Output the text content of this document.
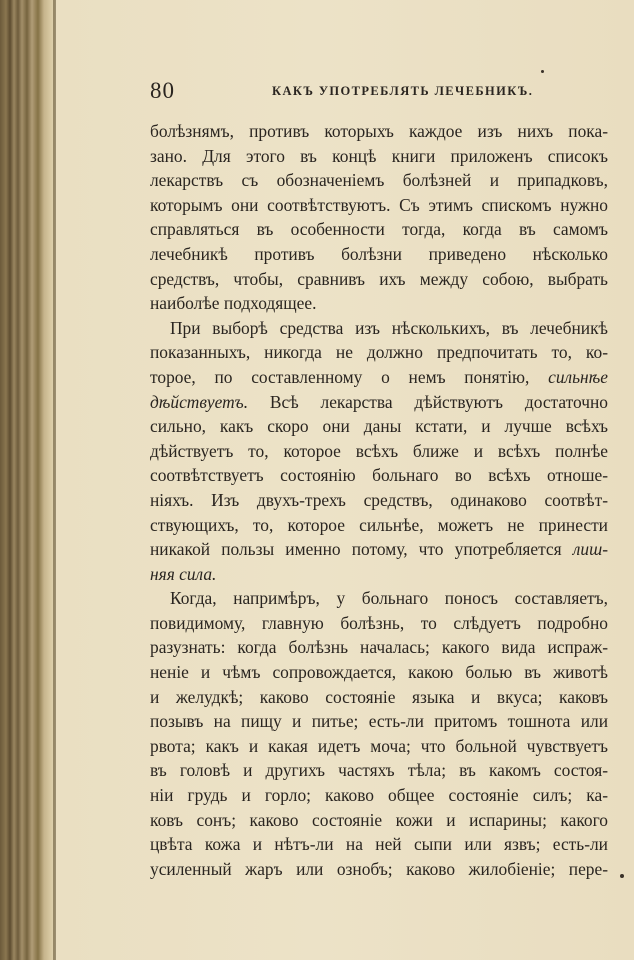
80	КАКЪ УПОТРЕБЛЯТЬ ЛЕЧЕБНИКЪ.
болѣзнямъ, противъ которыхъ каждое изъ нихъ пока-
зано. Для этого въ концѣ книги приложенъ списокъ
лекарствъ съ обозначеніемъ болѣзней и припадковъ,
которымъ они соотвѣтствуютъ. Съ этимъ спискомъ нужно
справляться въ особенности тогда, когда въ самомъ
лечебникѣ противъ болѣзни приведено нѣсколько
средствъ, чтобы, сравнивъ ихъ между собою, выбрать
наиболѣе подходящее.
При выборѣ средства изъ нѣсколькихъ, въ лечебникѣ
показанныхъ, никогда не должно предпочитать то, ко-
торое, по составленному о немъ понятію, сильнѣе
дѣйствуетъ. Всѣ лекарства дѣйствуютъ достаточно
сильно, какъ скоро они даны кстати, и лучше всѣхъ
дѣйствуетъ то, которое всѣхъ ближе и всѣхъ полнѣе
соотвѣтствуетъ состоянію больнаго во всѣхъ отноше-
ніяхъ. Изъ двухъ-трехъ средствъ, одинаково соотвѣт-
ствующихъ, то, которое сильнѣе, можетъ не принести
никакой пользы именно потому, что употребляется лиш-
няя сила.
Когда, напримѣръ, у больнаго поносъ составляетъ,
повидимому, главную болѣзнь, то слѣдуетъ подробно
разузнать: когда болѣзнь началась; какого вида испраж-
неніе и чѣмъ сопровождается, какою болью въ животѣ
и желудкѣ; каково состояніе языка и вкуса; каковъ
позывъ на пищу и питье; есть-ли притомъ тошнота или
рвота; какъ и какая идетъ моча; что больной чувствуетъ
въ головѣ и другихъ частяхъ тѣла; въ какомъ состоя-
ніи грудь и горло; каково общее состояніе силъ; ка-
ковъ сонъ; каково состояніе кожи и испарины; какого
цвѣта кожа и нѣтъ-ли на ней сыпи или язвъ; есть-ли
усиленный жаръ или ознобъ; каково жилобіеніе; пере-
